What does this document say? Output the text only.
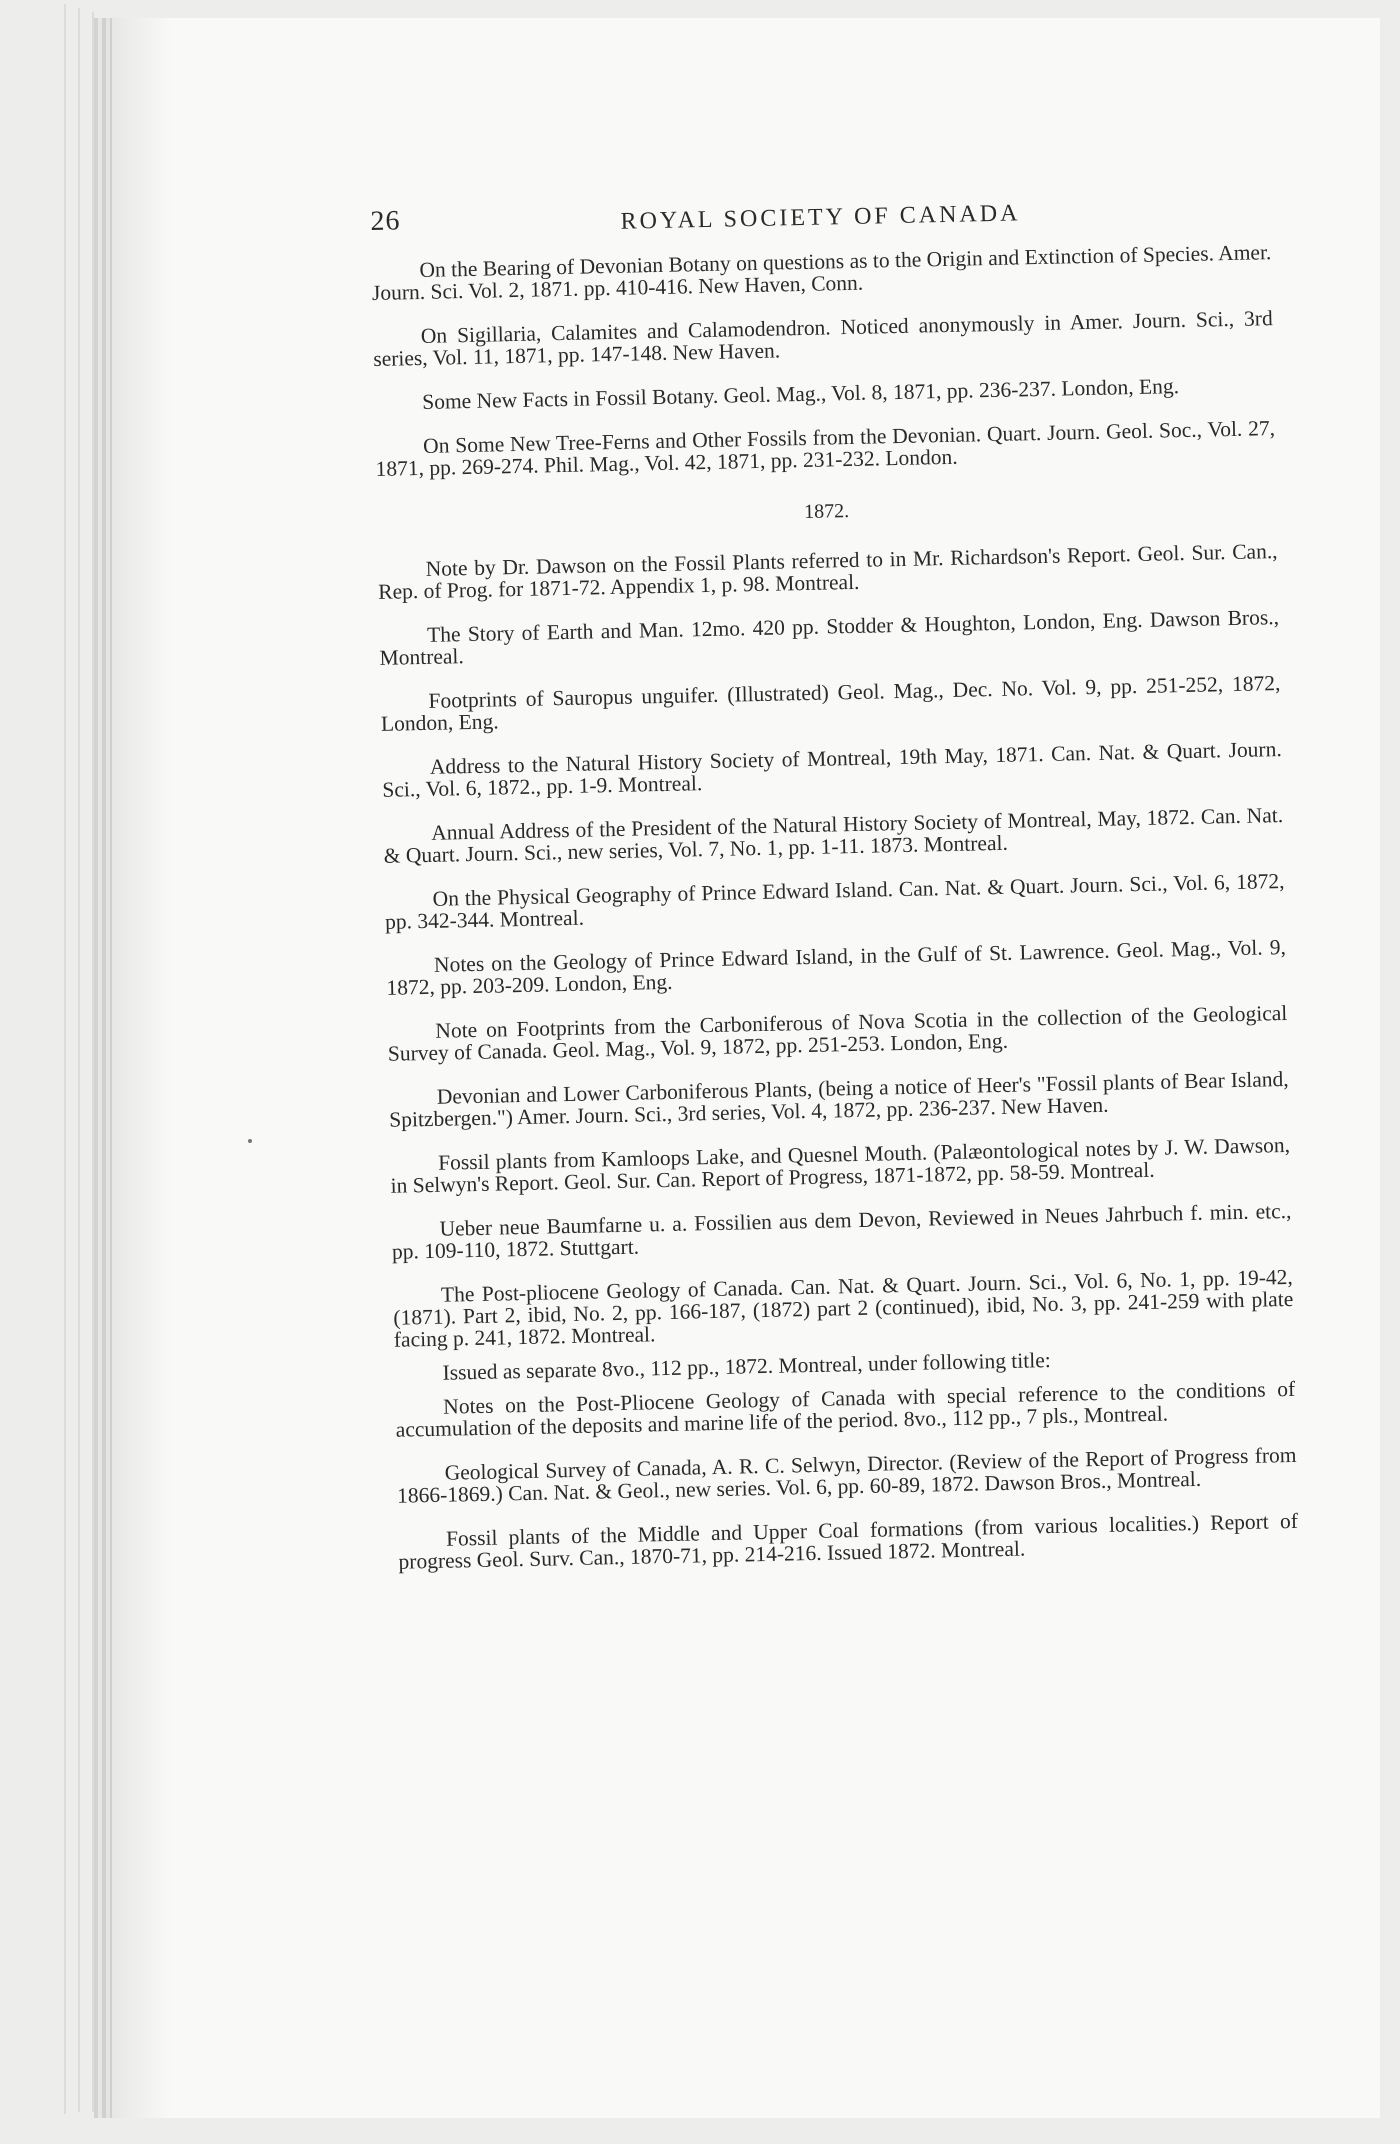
26	ROYAL SOCIETY OF CANADA

On the Bearing of Devonian Botany on questions as to the Origin and Extinction of Species. Amer. Journ. Sci. Vol. 2, 1871. pp. 410-416. New Haven, Conn.

On Sigillaria, Calamites and Calamodendron. Noticed anonymously in Amer. Journ. Sci., 3rd series, Vol. 11, 1871, pp. 147-148. New Haven.

Some New Facts in Fossil Botany. Geol. Mag., Vol. 8, 1871, pp. 236-237. London, Eng.

On Some New Tree-Ferns and Other Fossils from the Devonian. Quart. Journ. Geol. Soc., Vol. 27, 1871, pp. 269-274. Phil. Mag., Vol. 42, 1871, pp. 231-232. London.

1872.

Note by Dr. Dawson on the Fossil Plants referred to in Mr. Richardson's Report. Geol. Sur. Can., Rep. of Prog. for 1871-72. Appendix 1, p. 98. Montreal.

The Story of Earth and Man. 12mo. 420 pp. Stodder & Houghton, London, Eng. Dawson Bros., Montreal.

Footprints of Sauropus unguifer. (Illustrated) Geol. Mag., Dec. No. Vol. 9, pp. 251-252, 1872, London, Eng.

Address to the Natural History Society of Montreal, 19th May, 1871. Can. Nat. & Quart. Journ. Sci., Vol. 6, 1872., pp. 1-9. Montreal.

Annual Address of the President of the Natural History Society of Montreal, May, 1872. Can. Nat. & Quart. Journ. Sci., new series, Vol. 7, No. 1, pp. 1-11. 1873. Montreal.

On the Physical Geography of Prince Edward Island. Can. Nat. & Quart. Journ. Sci., Vol. 6, 1872, pp. 342-344. Montreal.

Notes on the Geology of Prince Edward Island, in the Gulf of St. Lawrence. Geol. Mag., Vol. 9, 1872, pp. 203-209. London, Eng.

Note on Footprints from the Carboniferous of Nova Scotia in the collection of the Geological Survey of Canada. Geol. Mag., Vol. 9, 1872, pp. 251-253. London, Eng.

Devonian and Lower Carboniferous Plants, (being a notice of Heer's "Fossil plants of Bear Island, Spitzbergen.") Amer. Journ. Sci., 3rd series, Vol. 4, 1872, pp. 236-237. New Haven.

Fossil plants from Kamloops Lake, and Quesnel Mouth. (Palæontological notes by J. W. Dawson, in Selwyn's Report. Geol. Sur. Can. Report of Progress, 1871-1872, pp. 58-59. Montreal.

Ueber neue Baumfarne u. a. Fossilien aus dem Devon, Reviewed in Neues Jahrbuch f. min. etc., pp. 109-110, 1872. Stuttgart.

The Post-pliocene Geology of Canada. Can. Nat. & Quart. Journ. Sci., Vol. 6, No. 1, pp. 19-42, (1871). Part 2, ibid, No. 2, pp. 166-187, (1872) part 2 (continued), ibid, No. 3, pp. 241-259 with plate facing p. 241, 1872. Montreal.

Issued as separate 8vo., 112 pp., 1872. Montreal, under following title:

Notes on the Post-Pliocene Geology of Canada with special reference to the conditions of accumulation of the deposits and marine life of the period. 8vo., 112 pp., 7 pls., Montreal.

Geological Survey of Canada, A. R. C. Selwyn, Director. (Review of the Report of Progress from 1866-1869.) Can. Nat. & Geol., new series. Vol. 6, pp. 60-89, 1872. Dawson Bros., Montreal.

Fossil plants of the Middle and Upper Coal formations (from various localities.) Report of progress Geol. Surv. Can., 1870-71, pp. 214-216. Issued 1872. Montreal.
